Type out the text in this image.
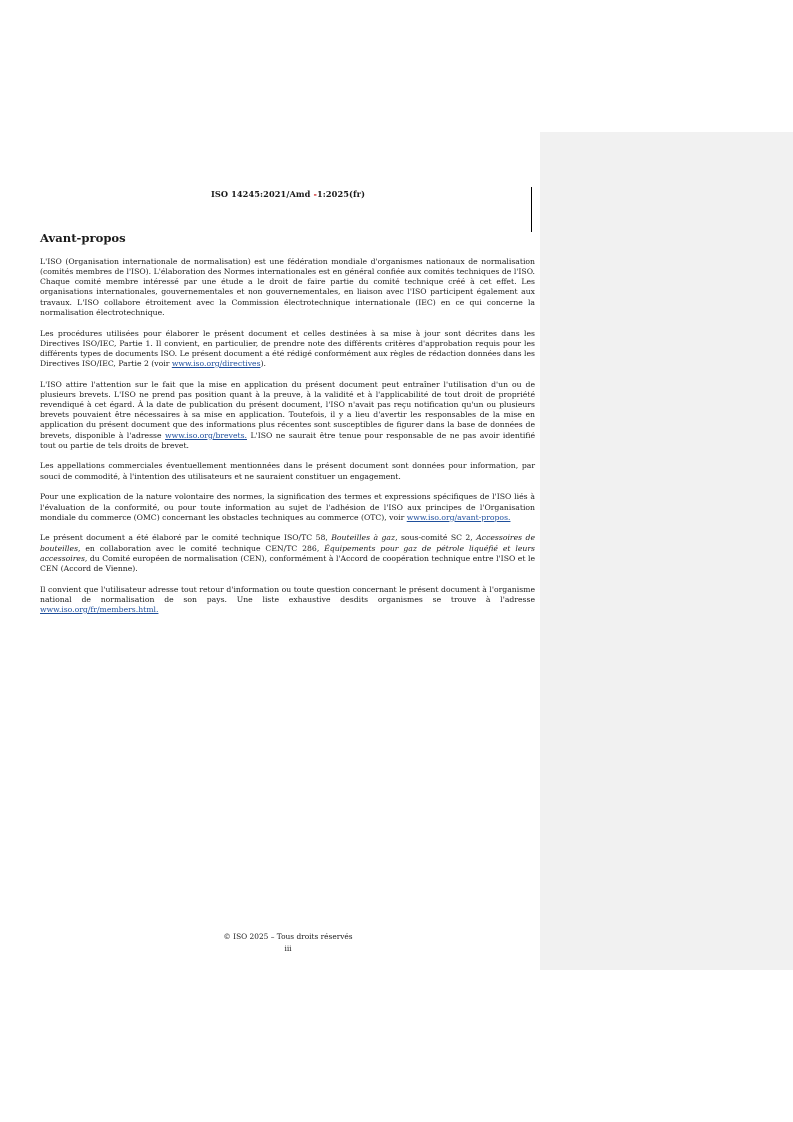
ISO 14245:2021/Amd -1:2025(fr)
Avant-propos

L'ISO (Organisation internationale de normalisation) est une fédération mondiale d'organismes nationaux de normalisation (comités membres de l'ISO). L'élaboration des Normes internationales est en général confiée aux comités techniques de l'ISO. Chaque comité membre intéressé par une étude a le droit de faire partie du comité technique créé à cet effet. Les organisations internationales, gouvernementales et non gouvernementales, en liaison avec l'ISO participent également aux travaux. L'ISO collabore étroitement avec la Commission électrotechnique internationale (IEC) en ce qui concerne la normalisation électrotechnique.

Les procédures utilisées pour élaborer le présent document et celles destinées à sa mise à jour sont décrites dans les Directives ISO/IEC, Partie 1. Il convient, en particulier, de prendre note des différents critères d'approbation requis pour les différents types de documents ISO. Le présent document a été rédigé conformément aux règles de rédaction données dans les Directives ISO/IEC, Partie 2 (voir www.iso.org/directives).

L'ISO attire l'attention sur le fait que la mise en application du présent document peut entraîner l'utilisation d'un ou de plusieurs brevets. L'ISO ne prend pas position quant à la preuve, à la validité et à l'applicabilité de tout droit de propriété revendiqué à cet égard. À la date de publication du présent document, l'ISO n'avait pas reçu notification qu'un ou plusieurs brevets pouvaient être nécessaires à sa mise en application. Toutefois, il y a lieu d'avertir les responsables de la mise en application du présent document que des informations plus récentes sont susceptibles de figurer dans la base de données de brevets, disponible à l'adresse www.iso.org/brevets. L'ISO ne saurait être tenue pour responsable de ne pas avoir identifié tout ou partie de tels droits de brevet.

Les appellations commerciales éventuellement mentionnées dans le présent document sont données pour information, par souci de commodité, à l'intention des utilisateurs et ne sauraient constituer un engagement.

Pour une explication de la nature volontaire des normes, la signification des termes et expressions spécifiques de l'ISO liés à l'évaluation de la conformité, ou pour toute information au sujet de l'adhésion de l'ISO aux principes de l'Organisation mondiale du commerce (OMC) concernant les obstacles techniques au commerce (OTC), voir www.iso.org/avant-propos.

Le présent document a été élaboré par le comité technique ISO/TC 58, Bouteilles à gaz, sous-comité SC 2, Accessoires de bouteilles, en collaboration avec le comité technique CEN/TC 286, Équipements pour gaz de pétrole liquéfié et leurs accessoires, du Comité européen de normalisation (CEN), conformément à l'Accord de coopération technique entre l'ISO et le CEN (Accord de Vienne).

Il convient que l'utilisateur adresse tout retour d'information ou toute question concernant le présent document à l'organisme national de normalisation de son pays. Une liste exhaustive desdits organismes se trouve à l'adresse www.iso.org/fr/members.html.

© ISO 2025 – Tous droits réservés
iii
